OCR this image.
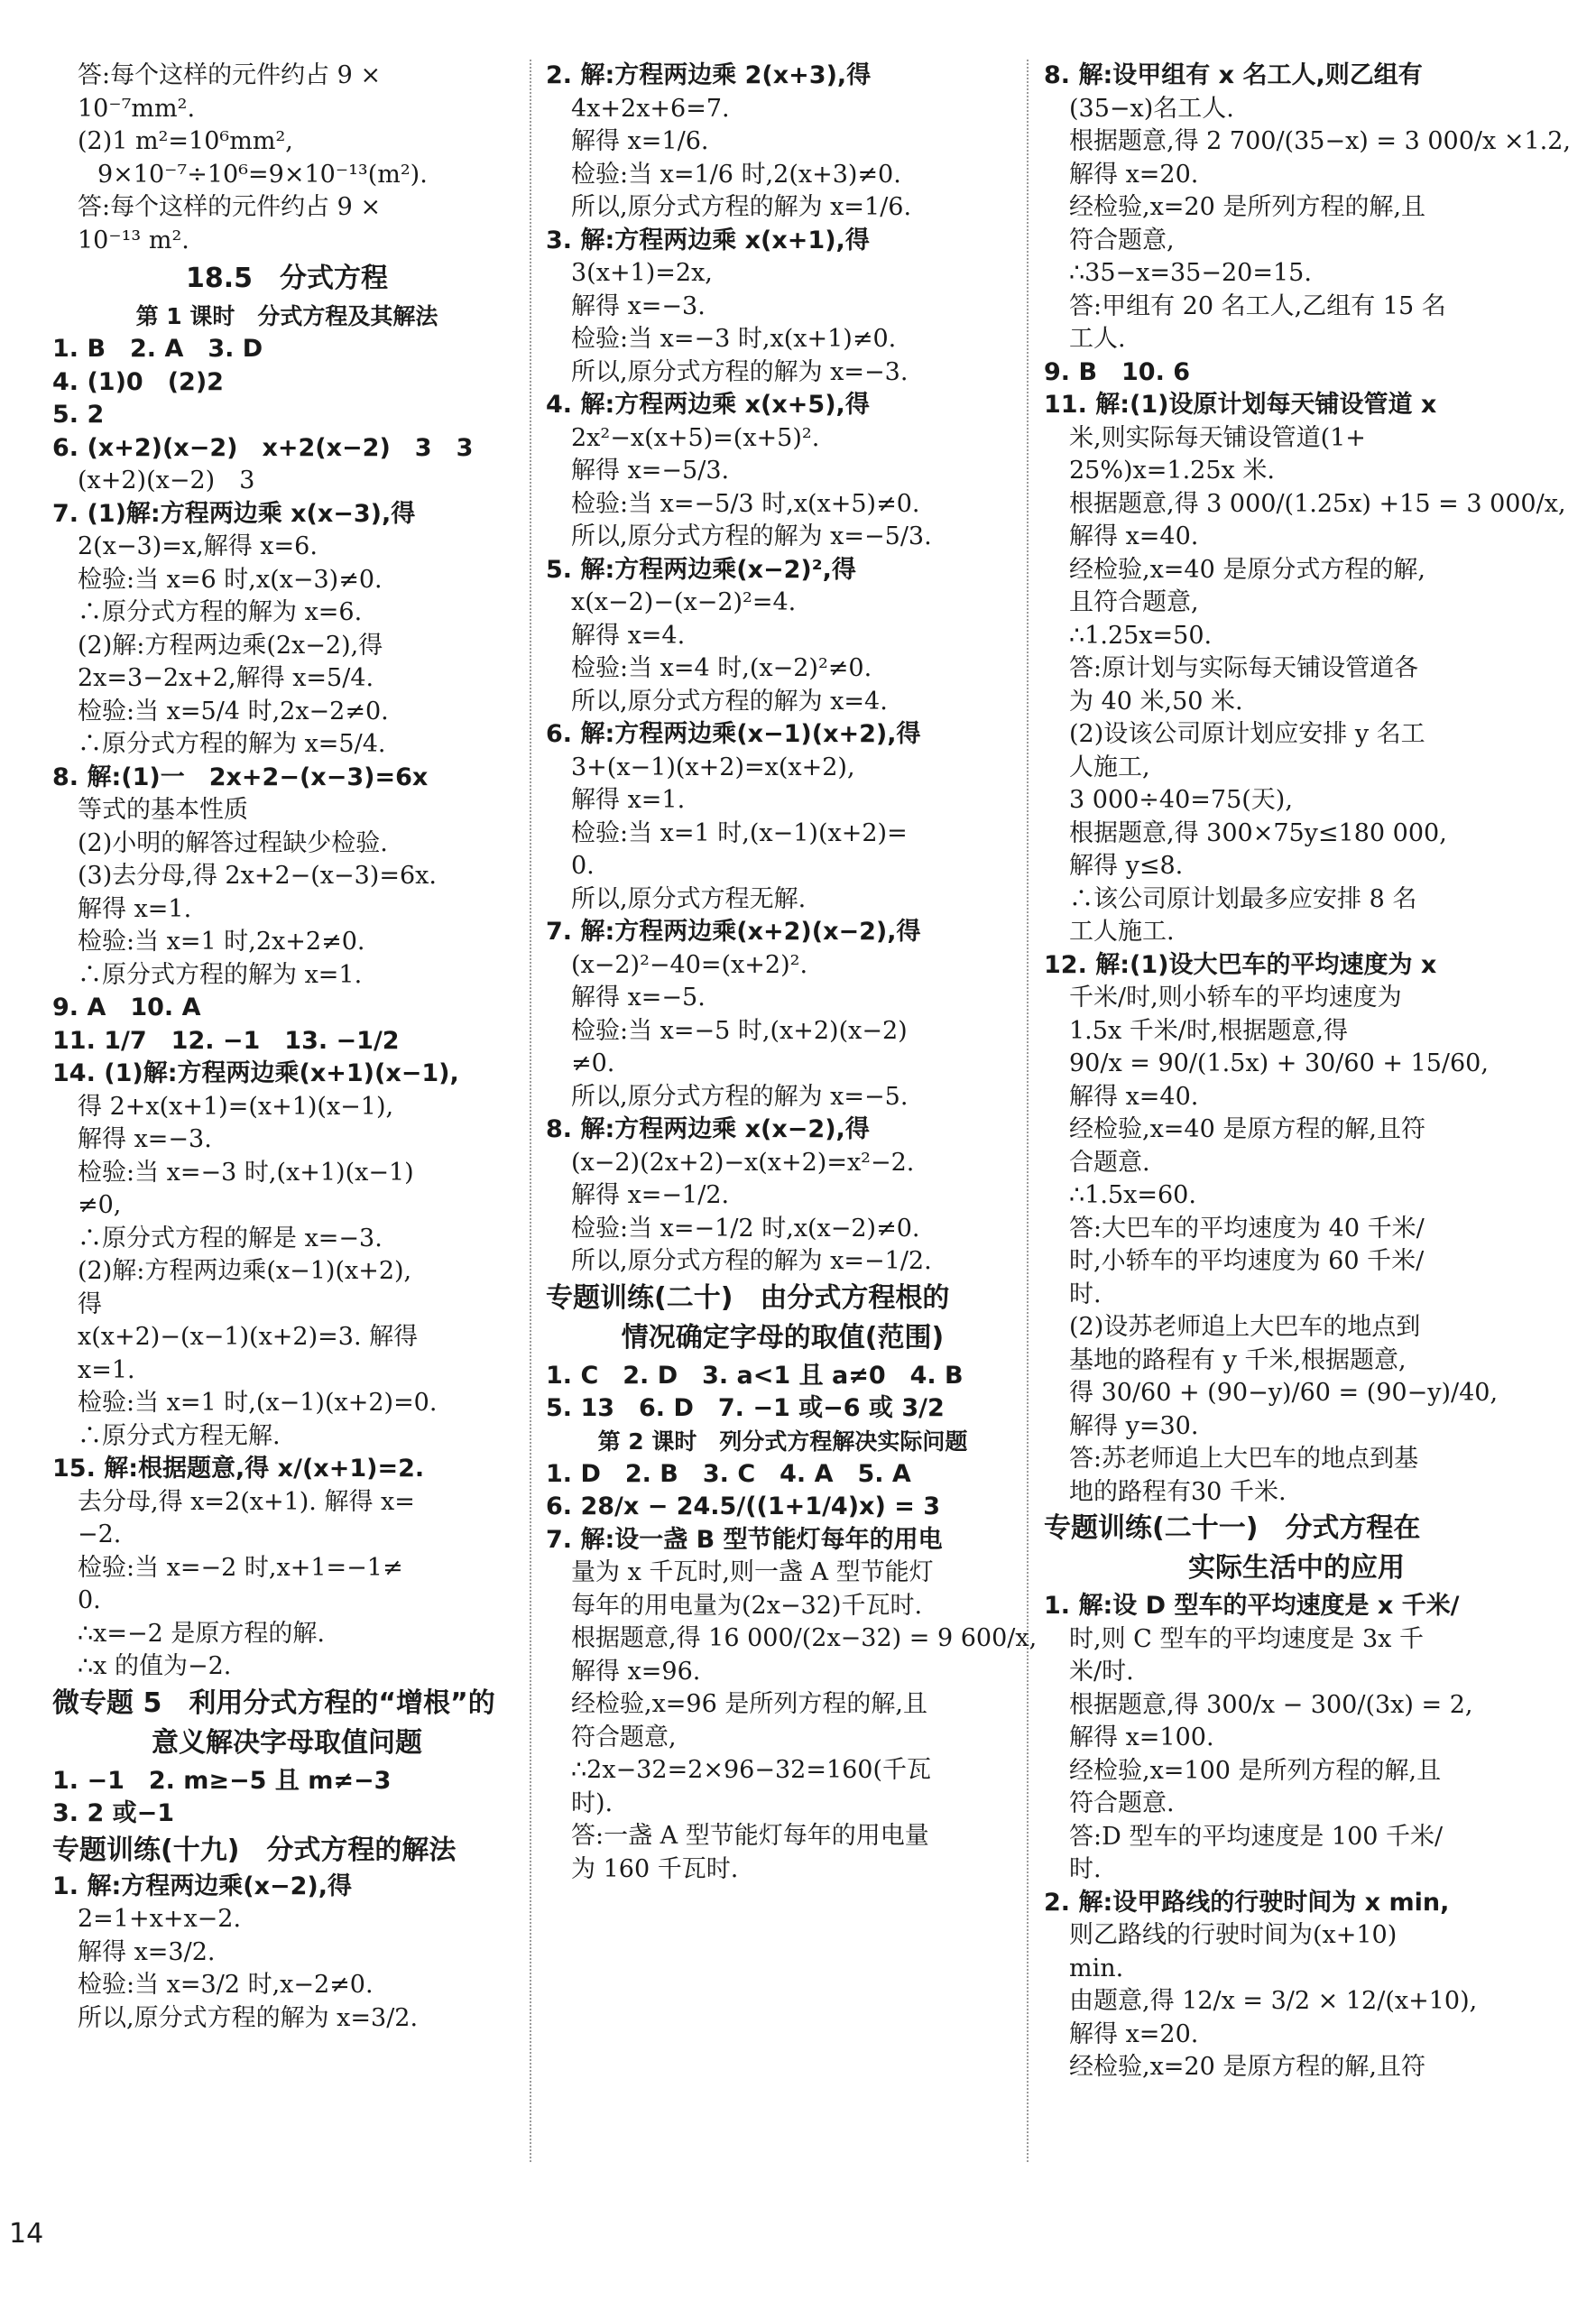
答:每个这样的元件约占 9 ×
10⁻⁷mm².
(2)1 m²=10⁶mm²,
9×10⁻⁷÷10⁶=9×10⁻¹³(m²).
答:每个这样的元件约占 9 ×
10⁻¹³ m².
18.5　分式方程
第 1 课时　分式方程及其解法
1. B　2. A　3. D
4. (1)0　(2)2
5. 2
6. (x+2)(x−2)　x+2(x−2)　3　3
(x+2)(x−2)　3
7. (1)解:方程两边乘 x(x−3),得
2(x−3)=x,解得 x=6.
检验:当 x=6 时,x(x−3)≠0.
∴原分式方程的解为 x=6.
(2)解:方程两边乘(2x−2),得
2x=3−2x+2,解得 x=5/4.
检验:当 x=5/4 时,2x−2≠0.
∴原分式方程的解为 x=5/4.
8. 解:(1)一　2x+2−(x−3)=6x
等式的基本性质
(2)小明的解答过程缺少检验.
(3)去分母,得 2x+2−(x−3)=6x.
解得 x=1.
检验:当 x=1 时,2x+2≠0.
∴原分式方程的解为 x=1.
9. A　10. A
11. 1/7　12. −1　13. −1/2
14. (1)解:方程两边乘(x+1)(x−1),
得 2+x(x+1)=(x+1)(x−1),
解得 x=−3.
检验:当 x=−3 时,(x+1)(x−1)
≠0,
∴原分式方程的解是 x=−3.
(2)解:方程两边乘(x−1)(x+2),
得
x(x+2)−(x−1)(x+2)=3. 解得
x=1.
检验:当 x=1 时,(x−1)(x+2)=0.
∴原分式方程无解.
15. 解:根据题意,得 x/(x+1)=2.
去分母,得 x=2(x+1). 解得 x=
−2.
检验:当 x=−2 时,x+1=−1≠
0.
∴x=−2 是原方程的解.
∴x 的值为−2.
微专题 5　利用分式方程的“增根”的
意义解决字母取值问题
1. −1　2. m≥−5 且 m≠−3
3. 2 或−1
专题训练(十九)　分式方程的解法
1. 解:方程两边乘(x−2),得
2=1+x+x−2.
解得 x=3/2.
检验:当 x=3/2 时,x−2≠0.
所以,原分式方程的解为 x=3/2.
2. 解:方程两边乘 2(x+3),得
4x+2x+6=7.
解得 x=1/6.
检验:当 x=1/6 时,2(x+3)≠0.
所以,原分式方程的解为 x=1/6.
3. 解:方程两边乘 x(x+1),得
3(x+1)=2x,
解得 x=−3.
检验:当 x=−3 时,x(x+1)≠0.
所以,原分式方程的解为 x=−3.
4. 解:方程两边乘 x(x+5),得
2x²−x(x+5)=(x+5)².
解得 x=−5/3.
检验:当 x=−5/3 时,x(x+5)≠0.
所以,原分式方程的解为 x=−5/3.
5. 解:方程两边乘(x−2)²,得
x(x−2)−(x−2)²=4.
解得 x=4.
检验:当 x=4 时,(x−2)²≠0.
所以,原分式方程的解为 x=4.
6. 解:方程两边乘(x−1)(x+2),得
3+(x−1)(x+2)=x(x+2),
解得 x=1.
检验:当 x=1 时,(x−1)(x+2)=
0.
所以,原分式方程无解.
7. 解:方程两边乘(x+2)(x−2),得
(x−2)²−40=(x+2)².
解得 x=−5.
检验:当 x=−5 时,(x+2)(x−2)
≠0.
所以,原分式方程的解为 x=−5.
8. 解:方程两边乘 x(x−2),得
(x−2)(2x+2)−x(x+2)=x²−2.
解得 x=−1/2.
检验:当 x=−1/2 时,x(x−2)≠0.
所以,原分式方程的解为 x=−1/2.
专题训练(二十)　由分式方程根的
情况确定字母的取值(范围)
1. C　2. D　3. a<1 且 a≠0　4. B
5. 13　6. D　7. −1 或−6 或 3/2
第 2 课时　列分式方程解决实际问题
1. D　2. B　3. C　4. A　5. A
6. 28/x − 24.5/((1+1/4)x) = 3
7. 解:设一盏 B 型节能灯每年的用电
量为 x 千瓦时,则一盏 A 型节能灯
每年的用电量为(2x−32)千瓦时.
根据题意,得 16 000/(2x−32) = 9 600/x,
解得 x=96.
经检验,x=96 是所列方程的解,且
符合题意,
∴2x−32=2×96−32=160(千瓦
时).
答:一盏 A 型节能灯每年的用电量
为 160 千瓦时.
8. 解:设甲组有 x 名工人,则乙组有
(35−x)名工人.
根据题意,得 2 700/(35−x) = 3 000/x ×1.2,
解得 x=20.
经检验,x=20 是所列方程的解,且
符合题意,
∴35−x=35−20=15.
答:甲组有 20 名工人,乙组有 15 名
工人.
9. B　10. 6
11. 解:(1)设原计划每天铺设管道 x
米,则实际每天铺设管道(1+
25%)x=1.25x 米.
根据题意,得 3 000/(1.25x) +15 = 3 000/x,
解得 x=40.
经检验,x=40 是原分式方程的解,
且符合题意,
∴1.25x=50.
答:原计划与实际每天铺设管道各
为 40 米,50 米.
(2)设该公司原计划应安排 y 名工
人施工,
3 000÷40=75(天),
根据题意,得 300×75y≤180 000,
解得 y≤8.
∴该公司原计划最多应安排 8 名
工人施工.
12. 解:(1)设大巴车的平均速度为 x
千米/时,则小轿车的平均速度为
1.5x 千米/时,根据题意,得
90/x = 90/(1.5x) + 30/60 + 15/60,
解得 x=40.
经检验,x=40 是原方程的解,且符
合题意.
∴1.5x=60.
答:大巴车的平均速度为 40 千米/
时,小轿车的平均速度为 60 千米/
时.
(2)设苏老师追上大巴车的地点到
基地的路程有 y 千米,根据题意,
得 30/60 + (90−y)/60 = (90−y)/40,
解得 y=30.
答:苏老师追上大巴车的地点到基
地的路程有30 千米.
专题训练(二十一)　分式方程在
实际生活中的应用
1. 解:设 D 型车的平均速度是 x 千米/
时,则 C 型车的平均速度是 3x 千
米/时.
根据题意,得 300/x − 300/(3x) = 2,
解得 x=100.
经检验,x=100 是所列方程的解,且
符合题意.
答:D 型车的平均速度是 100 千米/
时.
2. 解:设甲路线的行驶时间为 x min,
则乙路线的行驶时间为(x+10)
min.
由题意,得 12/x = 3/2 × 12/(x+10),
解得 x=20.
经检验,x=20 是原方程的解,且符
14
